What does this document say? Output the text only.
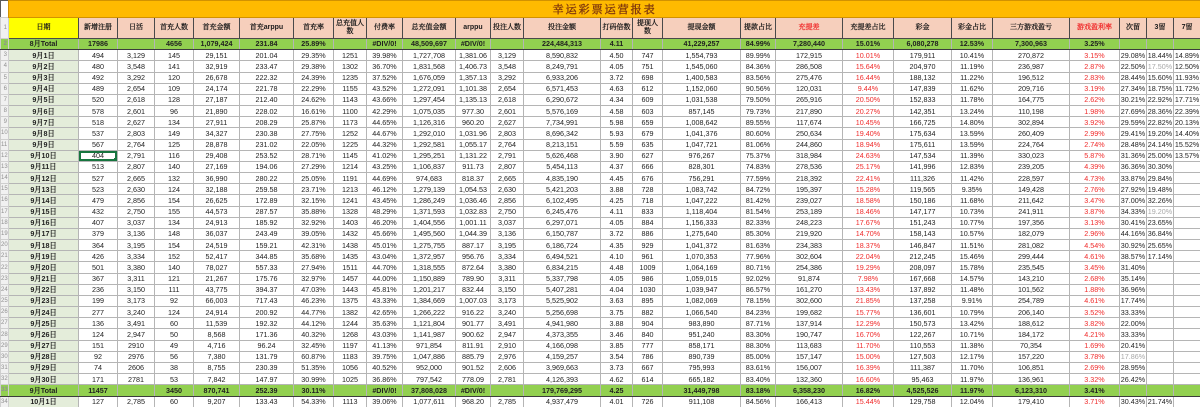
	幸运彩票运营报表																									
1	日期	新增注册	日活	首充人数	首充金额	首充arppu	首充率	总充值人数	付费率	总充值金额	arppu	投注人数	投注金额	打码倍数	提现人数	提现金额	提款占比	充提差	充提差占比	彩金	彩金占比	三方游戏盈亏	游戏盈利率	次留	3留	7留
2	8月Total	17986		4656	1,079,424	231.84	25.89%		#DIV/0!	48,509,697	#DIV/0!		224,484,313	4.11		41,229,257	84.99%	7,280,440	15.01%	6,080,278	12.53%	7,300,963	3.25%			
3	9月1日	494	3,129	145	29,151	201.04	29.35%	1251	39.98%	1,727,708	1,381.06	3,129	8,590,832	4.50	747	1,554,793	89.99%	172,915	10.01%	179,911	10.41%	270,872	3.15%	29.08%	18.44%	14.89%
4	9月2日	480	3,548	141	32,919	233.47	29.38%	1302	36.70%	1,831,568	1,406.73	3,548	8,249,791	4.05	751	1,545,060	84.36%	286,508	15.64%	204,970	11.19%	236,987	2.87%	22.50%	17.50%	12.50%
5	9月3日	492	3,292	120	26,678	222.32	24.39%	1235	37.52%	1,676,059	1,357.13	3,292	6,933,206	3.72	698	1,400,583	83.56%	275,476	16.44%	188,132	11.22%	196,512	2.83%	28.44%	15.60%	11.93%
6	9月4日	489	2,654	109	24,174	221.78	22.29%	1155	43.52%	1,272,091	1,101.38	2,654	6,571,453	4.63	612	1,152,060	90.56%	120,031	9.44%	147,839	11.62%	209,716	3.19%	27.34%	18.75%	11.72%
7	9月5日	520	2,618	128	27,187	212.40	24.62%	1143	43.66%	1,297,454	1,135.13	2,618	6,290,672	4.34	609	1,031,538	79.50%	265,916	20.50%	152,833	11.78%	164,775	2.62%	30.21%	22.92%	17.71%
8	9月6日	578	2,601	96	21,890	228.02	16.61%	1100	42.29%	1,075,035	977.30	2,601	5,576,169	4.58	603	857,145	79.73%	217,890	20.27%	142,351	13.24%	110,198	1.98%	27.69%	28.36%	22.39%
9	9月7日	518	2,627	134	27,911	208.29	25.87%	1173	44.65%	1,126,316	960.20	2,627	7,734,991	5.98	659	1,008,642	89.55%	117,674	10.45%	166,725	14.80%	302,894	3.92%	29.59%	22.82%	20.13%
10	9月8日	537	2,803	149	34,327	230.38	27.75%	1252	44.67%	1,292,010	1,031.96	2,803	8,696,342	5.93	679	1,041,376	80.60%	250,634	19.40%	175,634	13.59%	260,409	2.99%	29.41%	19.20%	14.40%
11	9月9日	567	2,764	125	28,878	231.02	22.05%	1225	44.32%	1,292,581	1,055.17	2,764	8,213,151	5.59	635	1,047,721	81.06%	244,860	18.94%	175,611	13.59%	224,764	2.74%	28.48%	24.14%	15.52%
12	9月10日	404	2,791	116	29,408	253.52	28.71%	1145	41.02%	1,295,251	1,131.22	2,791	5,626,468	3.90	627	976,267	75.37%	318,984	24.63%	147,534	11.39%	330,023	5.87%	31.36%	25.00%	13.57%
13	9月11日	513	2,807	140	27,169	194.06	27.29%	1214	43.25%	1,106,837	911.73	2,807	5,454,113	4.37	666	828,301	74.83%	278,536	25.17%	141,996	12.83%	239,205	4.39%	36.36%	30.30%	
14	9月12日	527	2,665	132	36,990	280.22	25.05%	1191	44.69%	974,683	818.37	2,665	4,835,190	4.45	676	756,291	77.59%	218,392	22.41%	111,326	11.42%	228,597	4.73%	33.87%	29.84%	
15	9月13日	523	2,630	124	32,188	259.58	23.71%	1213	46.12%	1,279,139	1,054.53	2,630	5,421,203	3.88	728	1,083,742	84.72%	195,397	15.28%	119,565	9.35%	149,428	2.76%	27.92%	19.48%	
16	9月14日	479	2,856	154	26,625	172.89	32.15%	1241	43.45%	1,286,249	1,036.46	2,856	6,102,495	4.25	718	1,047,222	81.42%	239,027	18.58%	150,186	11.68%	211,642	3.47%	37.00%	32.26%	
17	9月15日	432	2,750	155	44,573	287.57	35.88%	1328	48.29%	1,371,593	1,032.83	2,750	6,245,476	4.11	833	1,118,404	81.54%	253,189	18.46%	147,177	10.73%	241,911	3.87%	34.33%	19.20%	
18	9月16日	407	3,037	134	24,913	185.92	32.92%	1403	46.20%	1,404,556	1,001.11	3,037	6,297,071	4.05	884	1,156,333	82.33%	248,223	17.67%	151,243	10.77%	197,356	3.13%	30.41%	23.65%	
19	9月17日	379	3,136	148	36,037	243.49	39.05%	1432	45.66%	1,495,560	1,044.39	3,136	6,150,787	3.72	886	1,275,640	85.30%	219,920	14.70%	158,143	10.57%	182,079	2.96%	44.16%	36.84%	
20	9月18日	364	3,195	154	24,519	159.21	42.31%	1438	45.01%	1,275,755	887.17	3,195	6,186,724	4.35	929	1,041,372	81.63%	234,383	18.37%	146,847	11.51%	281,082	4.54%	30.92%	25.65%	
21	9月19日	426	3,334	152	52,417	344.85	35.68%	1435	43.04%	1,372,957	956.76	3,334	6,494,521	4.10	961	1,070,353	77.96%	302,604	22.04%	212,245	15.46%	299,444	4.61%	38.57%	17.14%	
22	9月20日	501	3,380	140	78,027	557.33	27.94%	1511	44.70%	1,318,555	872.64	3,380	6,834,215	4.48	1009	1,064,169	80.71%	254,386	19.29%	208,097	15.78%	235,545	3.45%	31.40%		
23	9月21日	367	3,311	121	21,267	175.76	32.97%	1457	44.00%	1,150,889	789.90	3,311	5,337,798	4.05	986	1,059,015	92.02%	91,874	7.98%	167,668	14.57%	143,210	2.68%	35.14%		
24	9月22日	236	3,150	111	43,775	394.37	47.03%	1443	45.81%	1,201,217	832.44	3,150	5,407,281	4.04	1030	1,039,947	86.57%	161,270	13.43%	137,892	11.48%	101,562	1.88%	36.96%		
25	9月23日	199	3,173	92	66,003	717.43	46.23%	1375	43.33%	1,384,669	1,007.03	3,173	5,525,902	3.63	895	1,082,069	78.15%	302,600	21.85%	137,258	9.91%	254,789	4.61%	17.74%		
26	9月24日	277	3,240	124	24,914	200.92	44.77%	1382	42.65%	1,266,222	916.22	3,240	5,256,698	3.75	882	1,066,540	84.23%	199,682	15.77%	136,601	10.79%	206,140	3.52%	33.33%		
27	9月25日	136	3,491	60	11,539	192.32	44.12%	1244	35.63%	1,121,804	901.77	3,491	4,941,980	3.88	904	983,890	87.71%	137,914	12.29%	150,573	13.42%	188,612	3.82%	22.00%		
28	9月26日	124	2,947	50	8,568	171.36	40.32%	1268	43.03%	1,141,987	900.62	2,947	4,373,355	3.46	840	951,240	83.30%	190,747	16.70%	122,267	10.71%	184,172	4.21%	33.33%		
29	9月27日	151	2910	49	4,716	96.24	32.45%	1197	41.13%	971,854	811.91	2,910	4,166,098	3.85	777	858,171	88.30%	113,683	11.70%	110,553	11.38%	70,354	1.69%	20.41%		
30	9月28日	92	2976	56	7,380	131.79	60.87%	1183	39.75%	1,047,886	885.79	2,976	4,159,257	3.54	786	890,739	85.00%	157,147	15.00%	127,503	12.17%	157,220	3.78%	17.86%		
31	9月29日	74	2606	38	8,755	230.39	51.35%	1056	40.52%	952,000	901.52	2,606	3,969,663	3.73	667	795,993	83.61%	156,007	16.39%	111,387	11.70%	106,851	2.69%	28.95%		
32	9月30日	171	2781	53	7,842	147.97	30.99%	1025	36.86%	797,542	778.09	2,781	4,126,393	4.62	614	665,182	83.40%	132,360	16.60%	95,463	11.97%	136,961	3.32%	26.42%		
33	9月Total	11457		3450	870,741	252.39	30.11%		#DIV/0!	37,808,028	#DIV/0!		179,769,295	4.25		31,449,798	83.18%	6,358,230	16.82%	4,525,526	11.97%	6,123,310	3.41%			
34	10月1日	127	2,785	60	9,207	133.43	54.33%	1113	39.06%	1,077,611	968.20	2,785	4,937,479	4.01	726	911,108	84.56%	166,413	15.44%	129,758	12.04%	179,410	3.71%	30.43%	21.74%	
